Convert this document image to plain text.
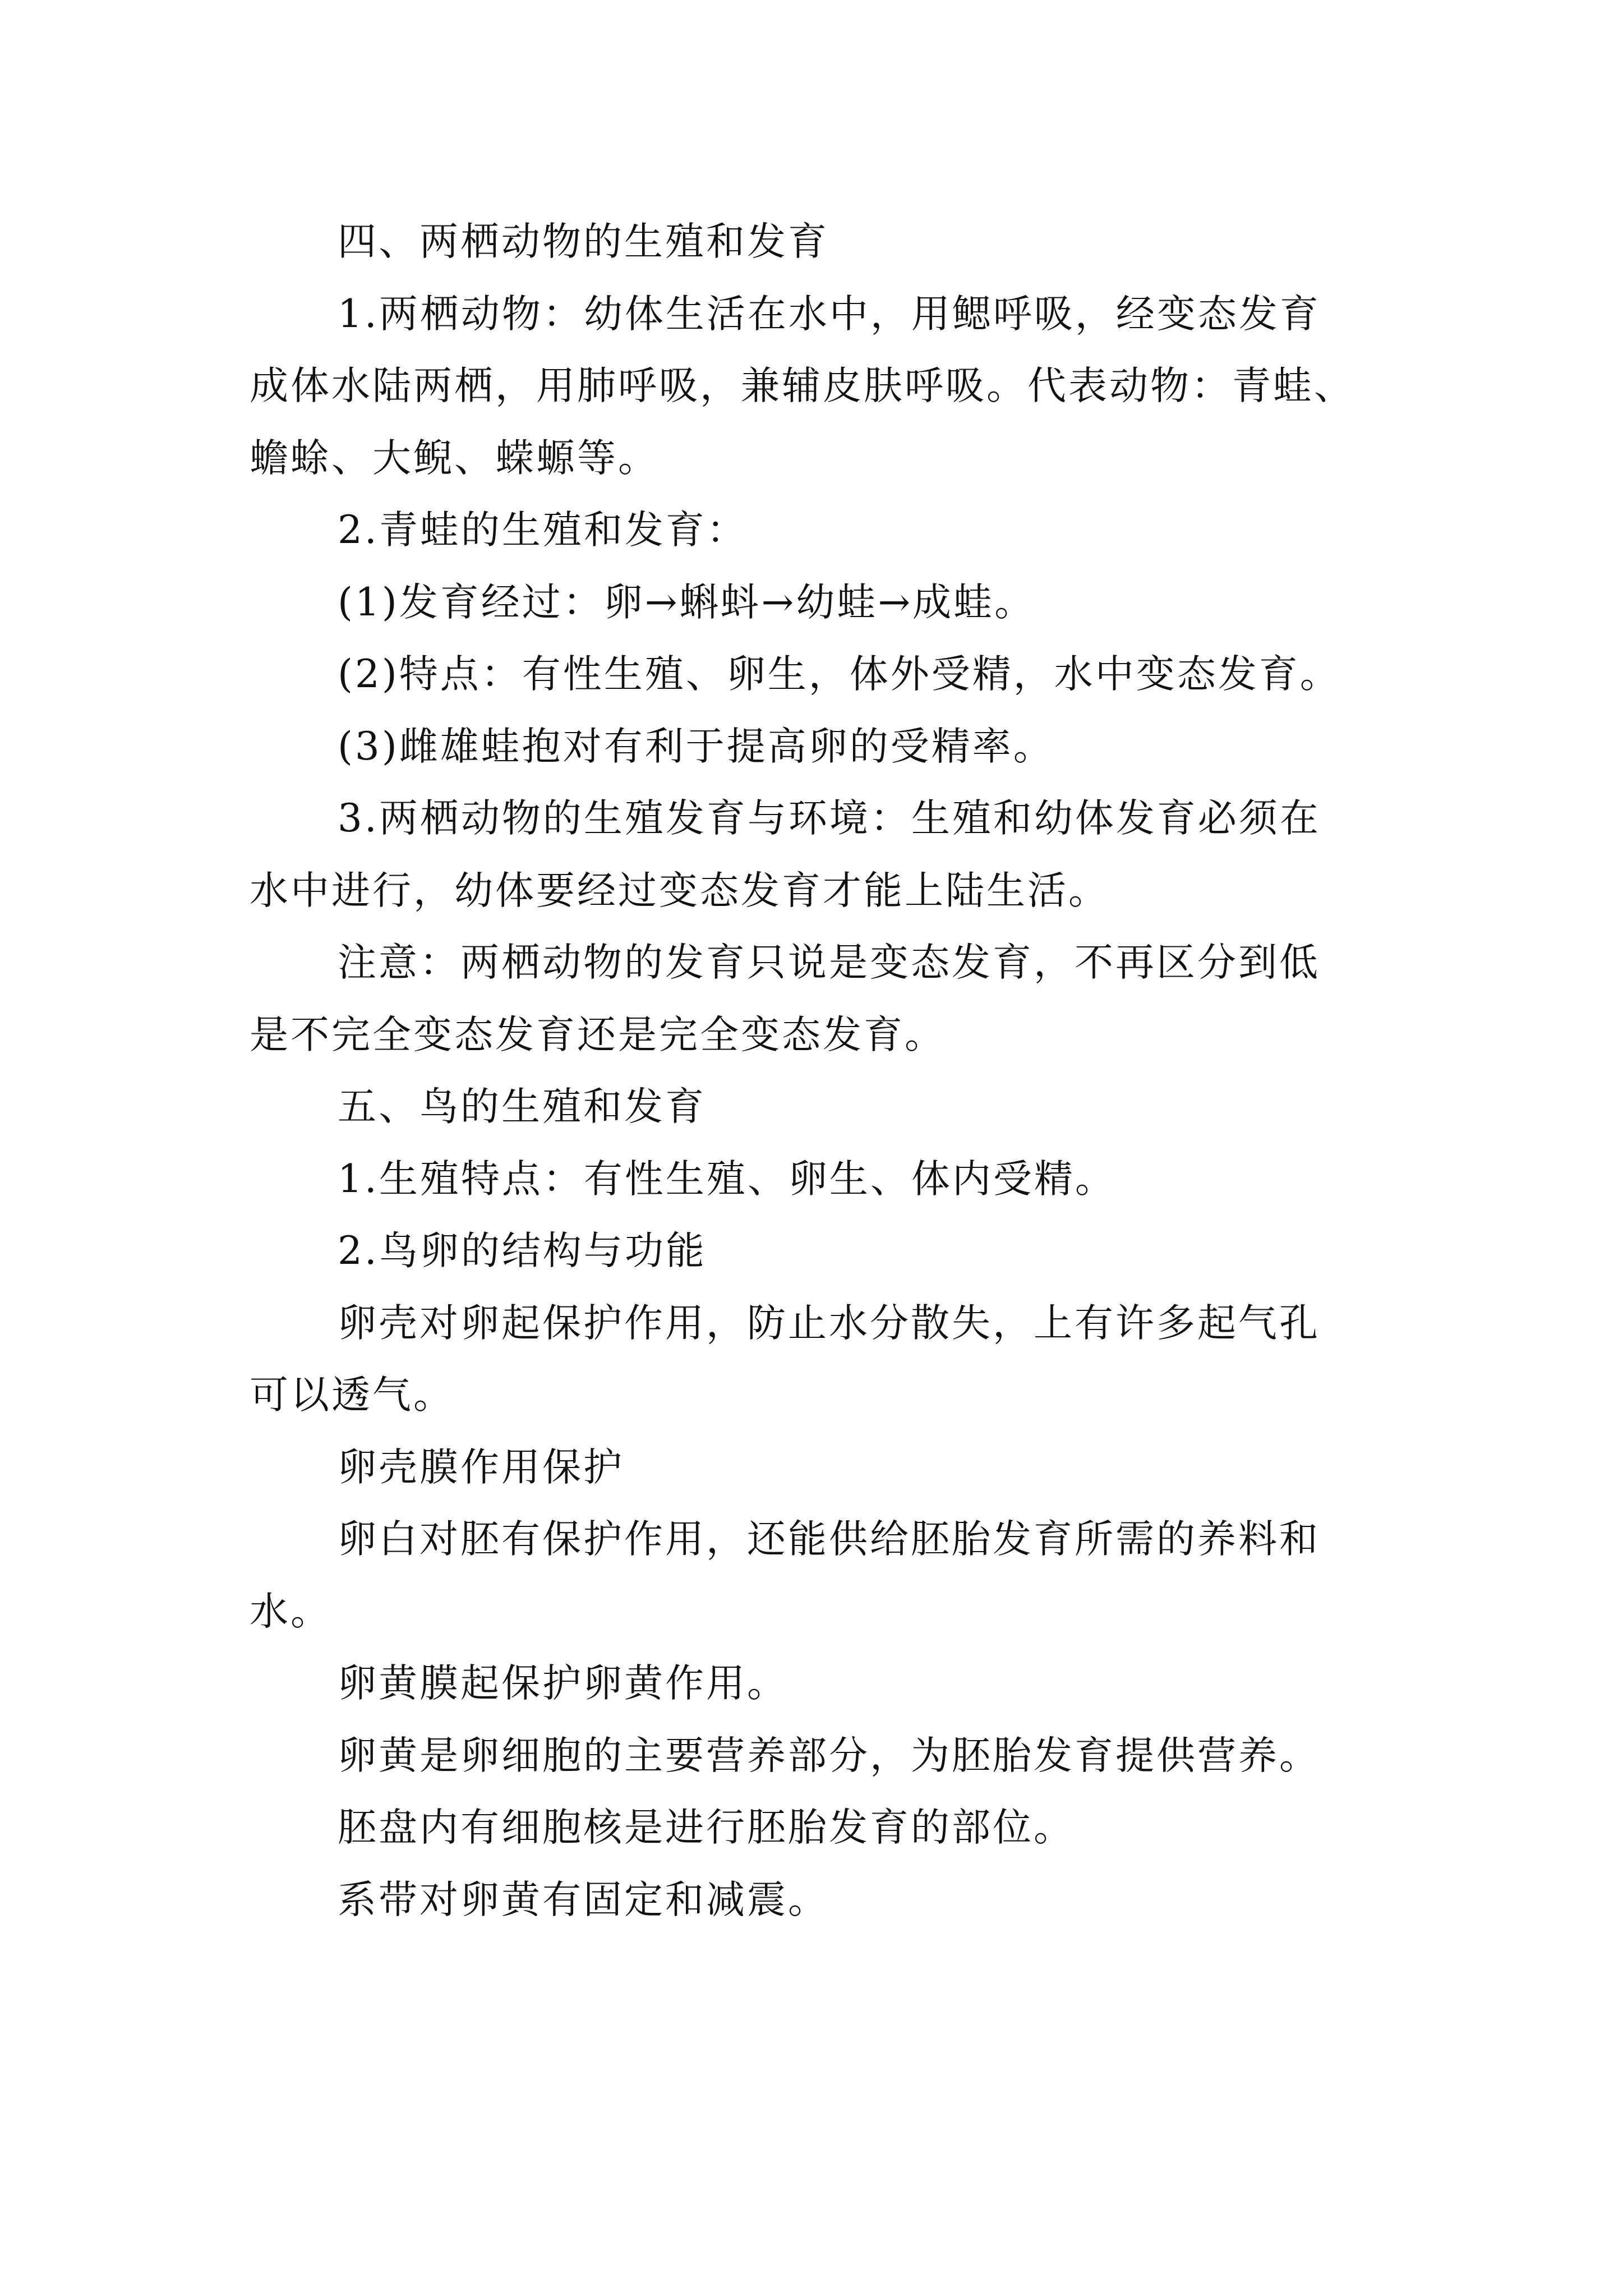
四、两栖动物的生殖和发育

1.两栖动物：幼体生活在水中，用鳃呼吸，经变态发育

成体水陆两栖，用肺呼吸，兼辅皮肤呼吸。代表动物：青蛙、

蟾蜍、大鲵、蝾螈等。

2.青蛙的生殖和发育：

(1)发育经过：卵→蝌蚪→幼蛙→成蛙。

(2)特点：有性生殖、卵生，体外受精，水中变态发育。

(3)雌雄蛙抱对有利于提高卵的受精率。

3.两栖动物的生殖发育与环境：生殖和幼体发育必须在

水中进行，幼体要经过变态发育才能上陆生活。

注意：两栖动物的发育只说是变态发育，不再区分到低

是不完全变态发育还是完全变态发育。

五、鸟的生殖和发育

1.生殖特点：有性生殖、卵生、体内受精。

2.鸟卵的结构与功能

卵壳对卵起保护作用，防止水分散失，上有许多起气孔

可以透气。

卵壳膜作用保护

卵白对胚有保护作用，还能供给胚胎发育所需的养料和

水。

卵黄膜起保护卵黄作用。

卵黄是卵细胞的主要营养部分，为胚胎发育提供营养。

胚盘内有细胞核是进行胚胎发育的部位。

系带对卵黄有固定和减震。
